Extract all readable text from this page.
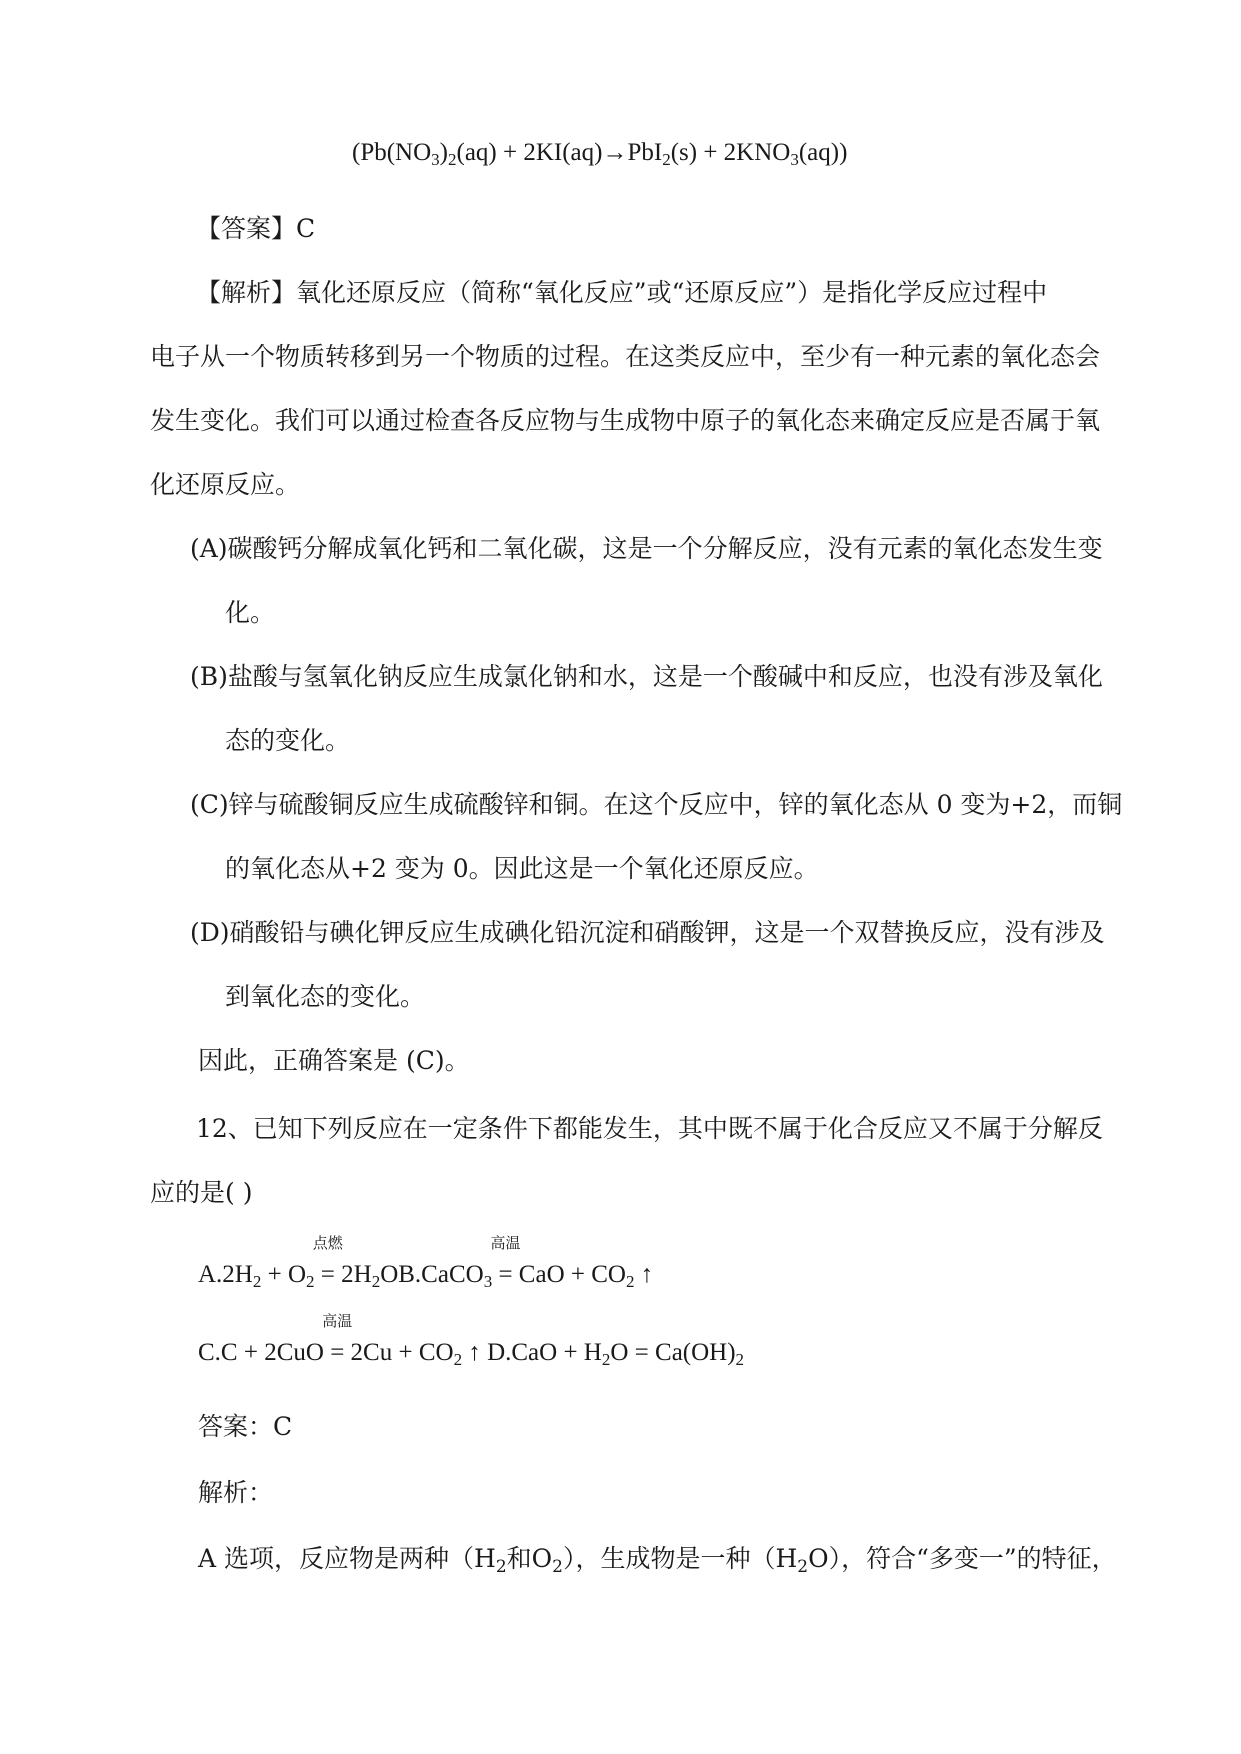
$(Pb(NO_3)_2(aq) + 2KI(aq)\to PbI_2(s) + 2KNO_3(aq))$
【答案】C
【解析】氧化还原反应（简称“氧化反应”或“还原反应”）是指化学反应过程中
电子从一个物质转移到另一个物质的过程。在这类反应中，至少有一种元素的氧化态会
发生变化。我们可以通过检查各反应物与生成物中原子的氧化态来确定反应是否属于氧
化还原反应。
(A)碳酸钙分解成氧化钙和二氧化碳，这是一个分解反应，没有元素的氧化态发生变
化。
(B)盐酸与氢氧化钠反应生成氯化钠和水，这是一个酸碱中和反应，也没有涉及氧化
态的变化。
(C)锌与硫酸铜反应生成硫酸锌和铜。在这个反应中，锌的氧化态从 0 变为+2，而铜
的氧化态从+2 变为 0。因此这是一个氧化还原反应。
(D)硝酸铅与碘化钾反应生成碘化铅沉淀和硝酸钾，这是一个双替换反应，没有涉及
到氧化态的变化。
因此，正确答案是 (C)。
12、已知下列反应在一定条件下都能发生，其中既不属于化合反应又不属于分解反
应的是( )
$A.2H_2 + O_2$
点燃
= $2H_2OB.CaCO_3$
高温
= CaO + $CO_2$ ↑
C.C + 2CuO
高温
= $2Cu + CO_2$ ↑ $D.CaO + H_2O = Ca(OH)_2$
答案：C
解析：
A 选项，反应物是两种（$H_2$和$O_2$），生成物是一种$(H_2O)$，符合“多变一”的特征，
